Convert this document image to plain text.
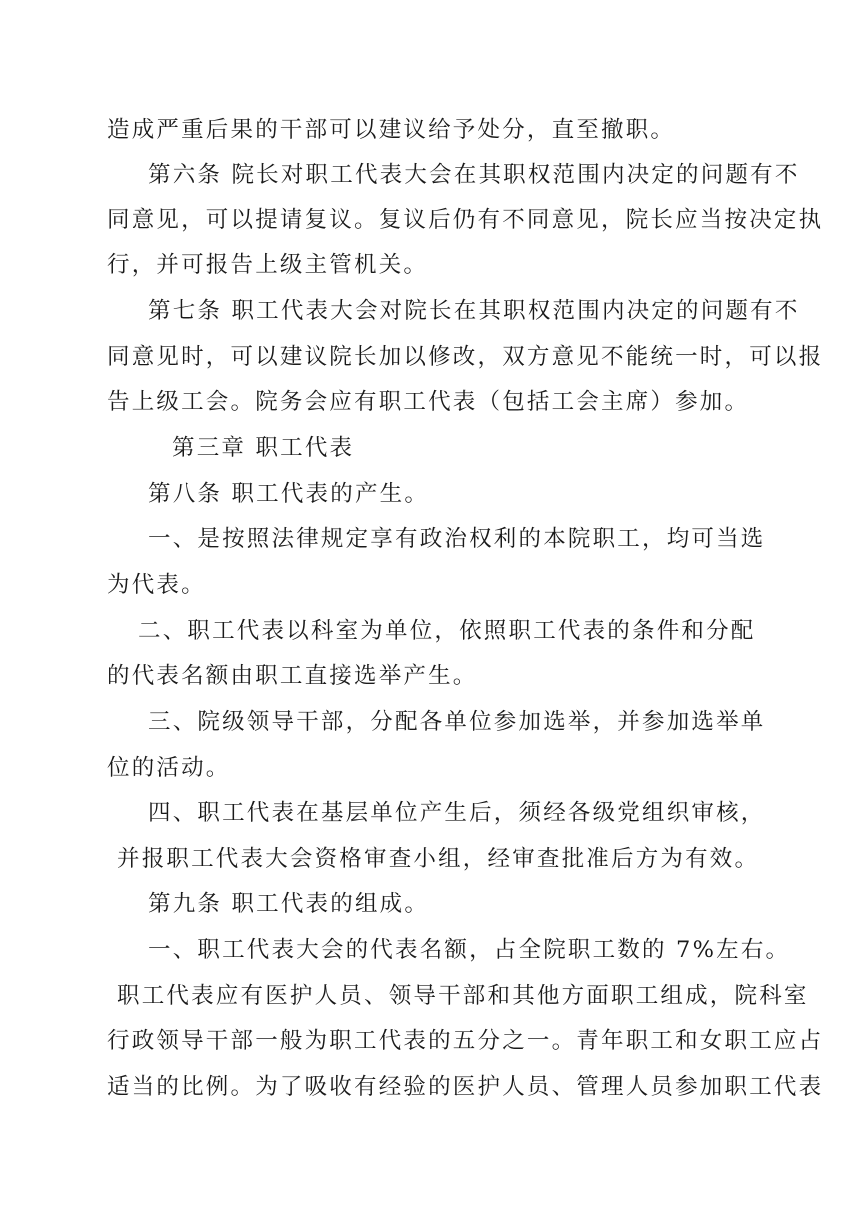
造成严重后果的干部可以建议给予处分，直至撤职。
第六条 院长对职工代表大会在其职权范围内决定的问题有不
同意见，可以提请复议。复议后仍有不同意见，院长应当按决定执
行，并可报告上级主管机关。
第七条 职工代表大会对院长在其职权范围内决定的问题有不
同意见时，可以建议院长加以修改，双方意见不能统一时，可以报
告上级工会。院务会应有职工代表（包括工会主席）参加。
第三章 职工代表
第八条 职工代表的产生。
一、是按照法律规定享有政治权利的本院职工，均可当选
为代表。
二、职工代表以科室为单位，依照职工代表的条件和分配
的代表名额由职工直接选举产生。
三、院级领导干部，分配各单位参加选举，并参加选举单
位的活动。
四、职工代表在基层单位产生后，须经各级党组织审核，
并报职工代表大会资格审查小组，经审查批准后方为有效。
第九条 职工代表的组成。
一、职工代表大会的代表名额，占全院职工数的 7%左右。
职工代表应有医护人员、领导干部和其他方面职工组成，院科室
行政领导干部一般为职工代表的五分之一。青年职工和女职工应占
适当的比例。为了吸收有经验的医护人员、管理人员参加职工代表
